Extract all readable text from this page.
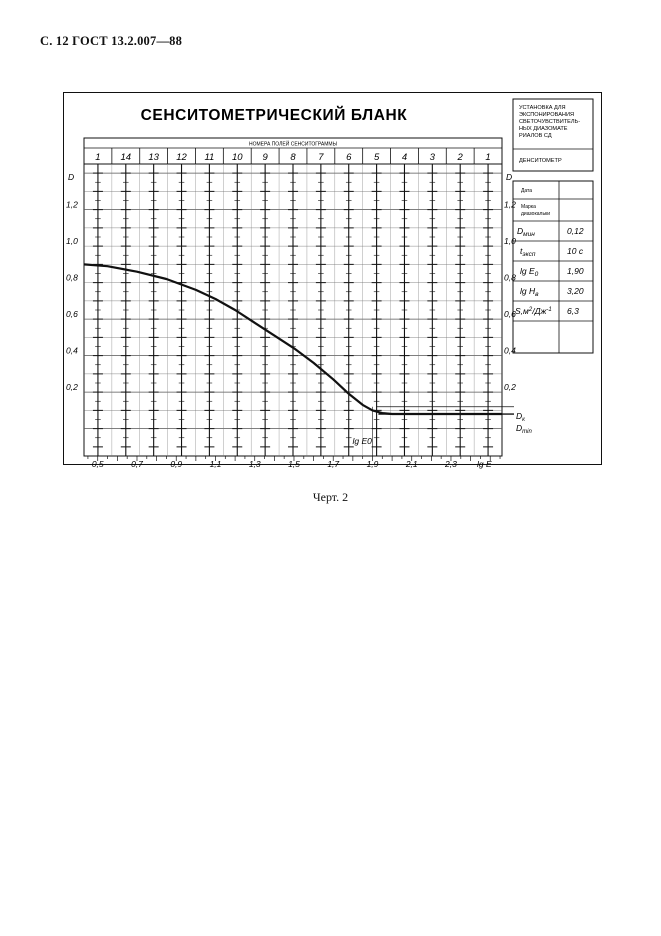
С. 12 ГОСТ 13.2.007—88
СЕНСИТОМЕТРИЧЕСКИЙ БЛАНК
НОМЕРА ПОЛЕЙ СЕНСИТОГРАММЫ
1 14 13 12 11 10 9 8 7 6 5 4 3 2 1
0,2	0,2
0,4	0,4
0,6	0,6
0,8	0,8
1,0	1,0
1,2	1,2
D	D
0,5	0,7	0,9	1,1	1,3	1,5	1,7	1,9	2,1	2,3 lg E
lg E0
УСТАНОВКА ДЛЯ
ЭКСПОНИРОВАНИЯ
СВЕТОЧУВСТВИТЕЛЬ-
НЫХ ДИАЗОМАТЕ
РИАЛОВ СД
ДЕНСИТОМЕТР
Дата
Марка
диазокальки
$D_{мин}$	0,12
$t_{эксп}$	10 с
$\lg E_0$	1,90
$\lg H_в$	3,20
$S,м^2/Дж^{-1}$ 6,3
$D_к$
$D_{min}$
Черт. 2
